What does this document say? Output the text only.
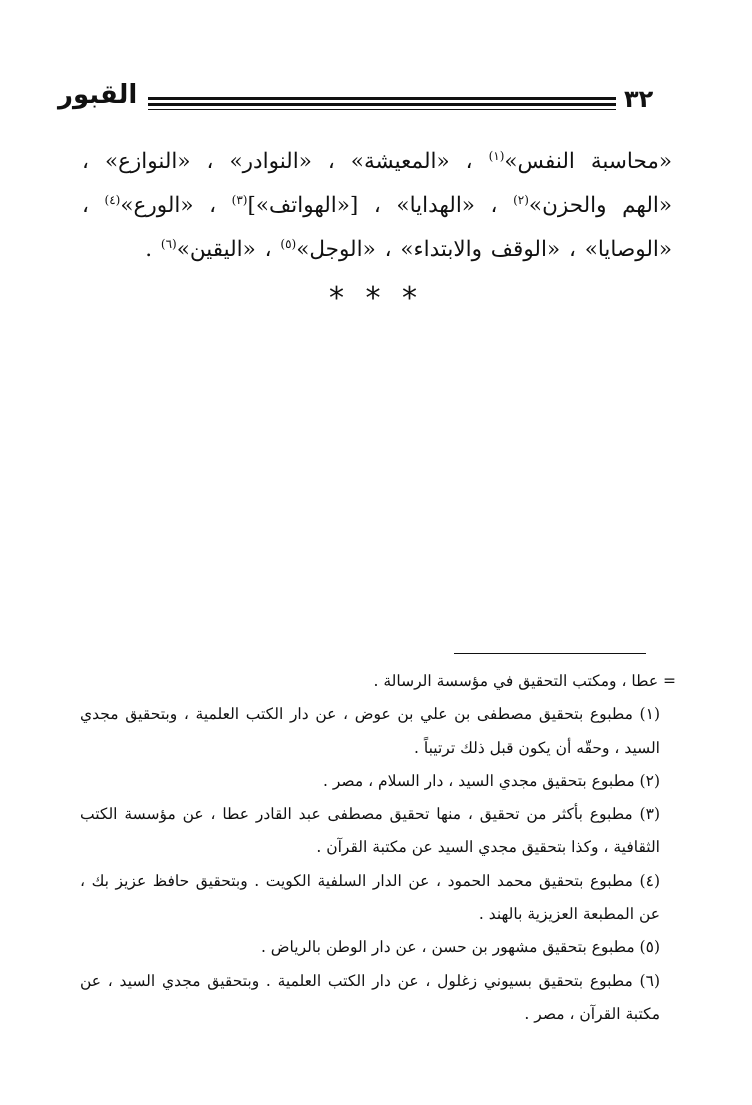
القبور	٣٢
«محاسبة النفس»$^{(١)}$ ، «المعيشة» ، «النوادر» ، «النوازع» ، «الهم والحزن»$^{(٢)}$ ، «الهدايا» ، [«الهواتف»]$^{(٣)}$ ، «الورع»$^{(٤)}$ ، «الوصايا» ، «الوقف والابتداء» ، «الوجل»$^{(٥)}$ ، «اليقين»$^{(٦)}$ .
* * *

= عطا ، ومكتب التحقيق في مؤسسة الرسالة .

(١) مطبوع بتحقيق مصطفى بن علي بن عوض ، عن دار الكتب العلمية ، وبتحقيق مجدي السيد ، وحقّه أن يكون قبل ذلك ترتيباً .

(٢) مطبوع بتحقيق مجدي السيد ، دار السلام ، مصر .

(٣) مطبوع بأكثر من تحقيق ، منها تحقيق مصطفى عبد القادر عطا ، عن مؤسسة الكتب الثقافية ، وكذا بتحقيق مجدي السيد عن مكتبة القرآن .

(٤) مطبوع بتحقيق محمد الحمود ، عن الدار السلفية الكويت . وبتحقيق حافظ عزيز بك ، عن المطبعة العزيزية بالهند .

(٥) مطبوع بتحقيق مشهور بن حسن ، عن دار الوطن بالرياض .

(٦) مطبوع بتحقيق بسيوني زغلول ، عن دار الكتب العلمية . وبتحقيق مجدي السيد ، عن مكتبة القرآن ، مصر .
